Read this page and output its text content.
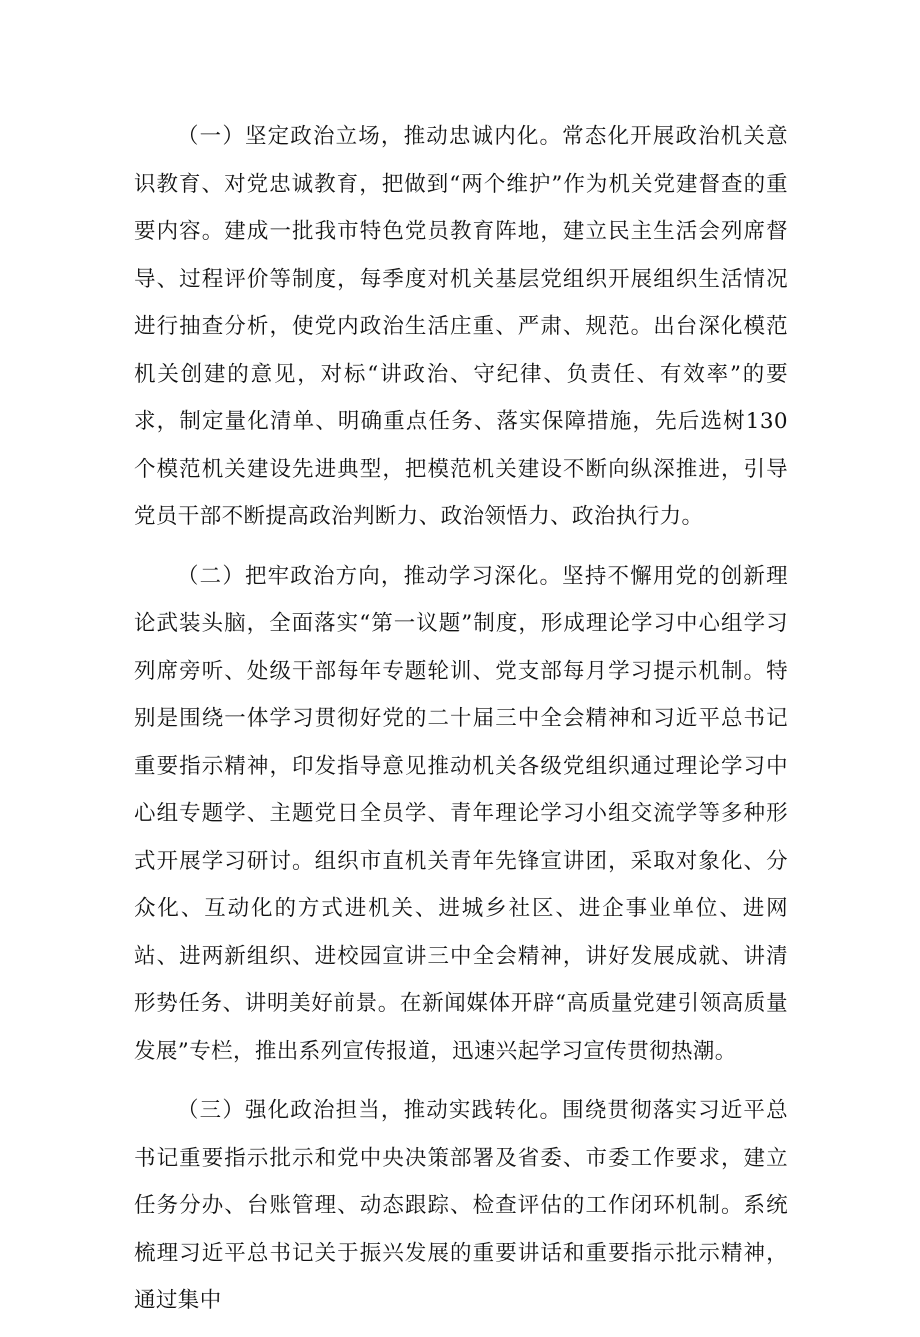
（一）坚定政治立场，推动忠诚内化。常态化开展政治机关意识教育、对党忠诚教育，把做到“两个维护”作为机关党建督查的重要内容。建成一批我市特色党员教育阵地，建立民主生活会列席督导、过程评价等制度，每季度对机关基层党组织开展组织生活情况进行抽查分析，使党内政治生活庄重、严肃、规范。出台深化模范机关创建的意见，对标“讲政治、守纪律、负责任、有效率”的要求，制定量化清单、明确重点任务、落实保障措施，先后选树130个模范机关建设先进典型，把模范机关建设不断向纵深推进，引导党员干部不断提高政治判断力、政治领悟力、政治执行力。

（二）把牢政治方向，推动学习深化。坚持不懈用党的创新理论武装头脑，全面落实“第一议题”制度，形成理论学习中心组学习列席旁听、处级干部每年专题轮训、党支部每月学习提示机制。特别是围绕一体学习贯彻好党的二十届三中全会精神和习近平总书记重要指示精神，印发指导意见推动机关各级党组织通过理论学习中心组专题学、主题党日全员学、青年理论学习小组交流学等多种形式开展学习研讨。组织市直机关青年先锋宣讲团，采取对象化、分众化、互动化的方式进机关、进城乡社区、进企事业单位、进网站、进两新组织、进校园宣讲三中全会精神，讲好发展成就、讲清形势任务、讲明美好前景。在新闻媒体开辟“高质量党建引领高质量发展”专栏，推出系列宣传报道，迅速兴起学习宣传贯彻热潮。

（三）强化政治担当，推动实践转化。围绕贯彻落实习近平总书记重要指示批示和党中央决策部署及省委、市委工作要求，建立任务分办、台账管理、动态跟踪、检查评估的工作闭环机制。系统梳理习近平总书记关于振兴发展的重要讲话和重要指示批示精神，通过集中
